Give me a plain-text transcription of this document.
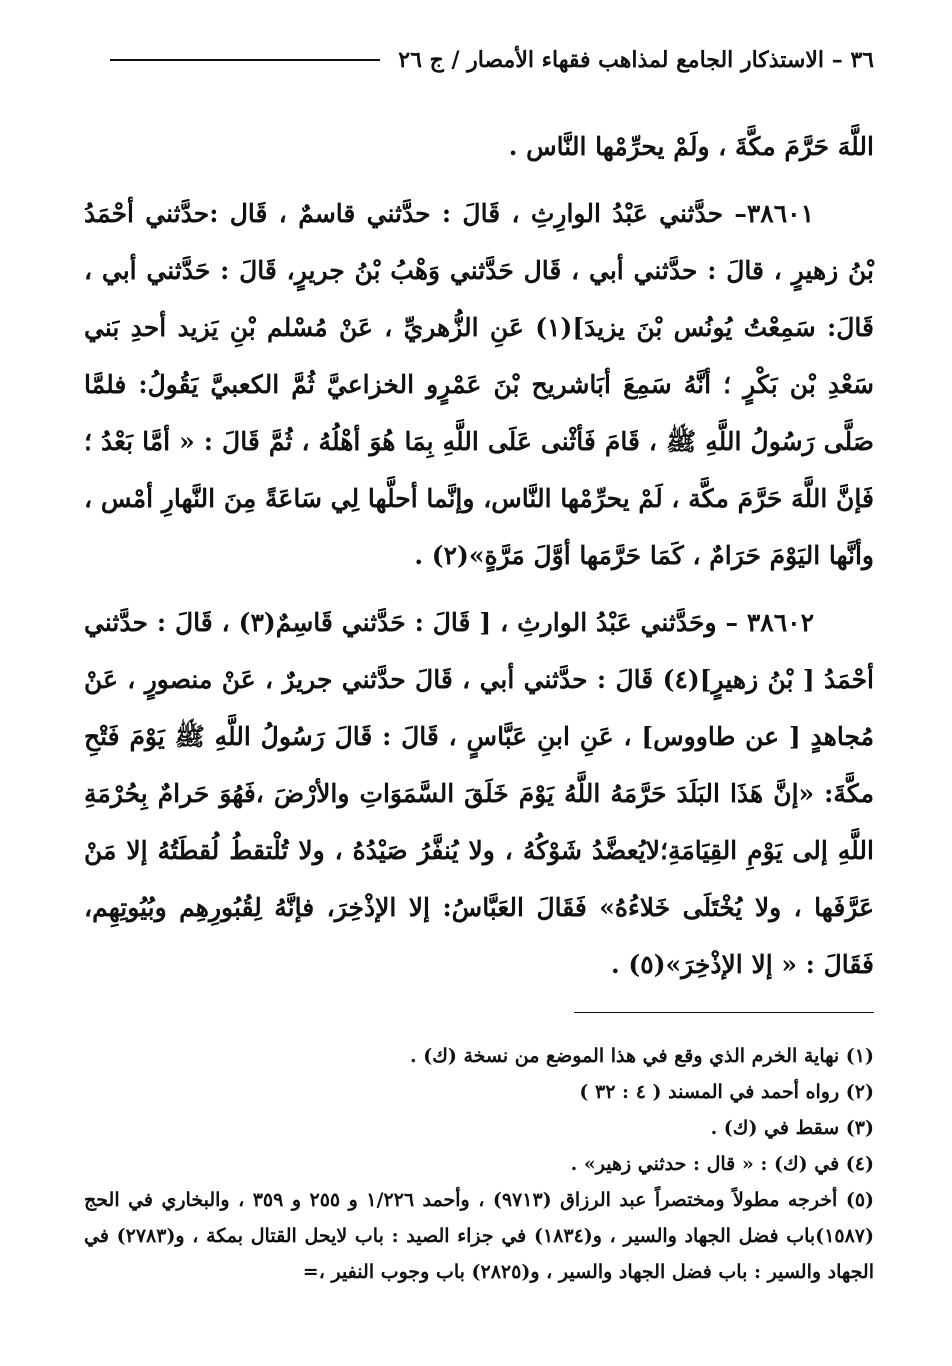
٣٦ – الاستذكار الجامع لمذاهب فقهاء الأمصار / ج ٢٦

اللَّهَ حَرَّمَ مكَّةَ ، ولَمْ يحرِّمْها النَّاس .

٣٨٦٠١– حدَّثني عَبْدُ الوارِثِ ، قَالَ : حدَّثني قاسمٌ ، قَال :حدَّثني أحْمَدُ بْنُ زهيرٍ ، قالَ : حدَّثني أبي ، قَال حَدَّثني وَهْبُ بْنُ جريرٍ، قَالَ : حَدَّثني أبي ، قَالَ: سَمِعْتُ يُونُس بْنَ يزيدَ](١) عَنِ الزُّهريِّ ، عَنْ مُسْلم بْنِ يَزيد أحدِ بَني سَعْدِ بْن بَكْرٍ ؛ أنَّهُ سَمِعَ أبَاشريح بْنَ عَمْرٍو الخزاعيَّ ثُمَّ الكعبيَّ يَقُولُ: فلمَّا صَلَّى رَسُولُ اللَّهِ ﷺ ، قَامَ فَأثْنى عَلَى اللَّهِ بِمَا هُوَ أهْلُهُ ، ثُمَّ قَالَ : « أمَّا بَعْدُ ؛ فَإنَّ اللَّهَ حَرَّمَ مكَّة ، لَمْ يحرِّمْها النَّاس، وإنَّما أحلَّها لِي سَاعَةً مِنَ النَّهارِ أمْس ، وأنَّها اليَوْمَ حَرَامٌ ، كَمَا حَرَّمَها أوَّلَ مَرَّةٍ»(٢) .

٣٨٦٠٢ – وحَدَّثني عَبْدُ الوارثِ ، [ قَالَ : حَدَّثني قَاسِمٌ(٣) ، قَالَ : حدَّثني أحْمَدُ [ بْنُ زهيرٍ](٤) قَالَ : حدَّثني أبي ، قَالَ حدَّثني جريرٌ ، عَنْ منصورٍ ، عَنْ مُجاهدٍ [ عن طاووس] ، عَنِ ابنِ عَبَّاسٍ ، قَالَ : قَالَ رَسُولُ اللَّهِ ﷺ يَوْمَ فَتْحِ مكَّةَ: «إنَّ هَذَا البَلَدَ حَرَّمَهُ اللَّهُ يَوْمَ خَلَقَ السَّمَوَاتِ والأرْضَ ،فَهُوَ حَرامٌ بِحُرْمَةِ اللَّهِ إلى يَوْمِ القِيَامَةِ؛لايُعضَّدُ شَوْكُهُ ، ولا يُنفَّرُ صَيْدُهُ ، ولا تُلْتقطُ لُقطَتُهُ إلا مَنْ عَرَّفَها ، ولا يُخْتَلَى خَلاءُهُ» فَقَالَ العَبَّاسُ: إلا الإذْخِرَ، فإنَّهُ لِقُبُورِهِم وبُيُوتِهِم، فَقَالَ : « إلا الإذْخِرَ»(٥) .

(١) نهاية الخرم الذي وقع في هذا الموضع من نسخة (ك) .
(٢) رواه أحمد في المسند ( ٤ : ٣٢ )
(٣) سقط في (ك) .
(٤) في (ك) : « قال : حدثني زهير» .
(٥) أخرجه مطولاً ومختصراً عبد الرزاق (٩٧١٣) ، وأحمد ١/٢٢٦ و ٢٥٥ و ٣٥٩ ، والبخاري في الحج (١٥٨٧)باب فضل الجهاد والسير ، و(١٨٣٤) في جزاء الصيد : باب لايحل القتال بمكة ، و(٢٧٨٣) في الجهاد والسير : باب فضل الجهاد والسير ، و(٢٨٢٥) باب وجوب النفير ،=
